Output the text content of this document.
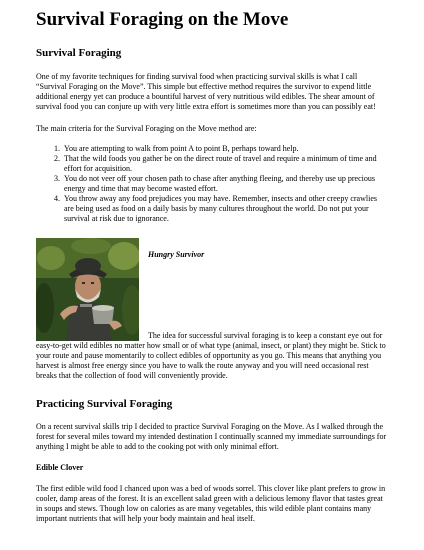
Survival Foraging on the Move
Survival Foraging

One of my favorite techniques for finding survival food when practicing survival skills is what I call “Survival Foraging on the Move”. This simple but effective method requires the survivor to expend little additional energy yet can produce a bountiful harvest of very nutritious wild edibles. The shear amount of survival food you can conjure up with very little extra effort is sometimes more than you can possibly eat!

The main criteria for the Survival Foraging on the Move method are:

1. You are attempting to walk from point A to point B, perhaps toward help.
2. That the wild foods you gather be on the direct route of travel and require a minimum of time and effort for acquisition.
3. You do not veer off your chosen path to chase after anything fleeing, and thereby use up precious energy and time that may become wasted effort.
4. You throw away any food prejudices you may have. Remember, insects and other creepy crawlies are being used as food on a daily basis by many cultures throughout the world. Do not put your survival at risk due to ignorance.

Hungry Survivor

The idea for successful survival foraging is to keep a constant eye out for easy-to-get wild edibles no matter how small or of what type (animal, insect, or plant) they might be. Stick to your route and pause momentarily to collect edibles of opportunity as you go. This means that anything you harvest is almost free energy since you have to walk the route anyway and you will need occasional rest breaks that the collection of food will conveniently provide.

Practicing Survival Foraging

On a recent survival skills trip I decided to practice Survival Foraging on the Move. As I walked through the forest for several miles toward my intended destination I continually scanned my immediate surroundings for anything I might be able to add to the cooking pot with only minimal effort.

Edible Clover

The first edible wild food I chanced upon was a bed of woods sorrel. This clover like plant prefers to grow in cooler, damp areas of the forest. It is an excellent salad green with a delicious lemony flavor that tastes great in soups and stews. Though low on calories as are many vegetables, this wild edible plant contains many important nutrients that will help your body maintain and heal itself.
